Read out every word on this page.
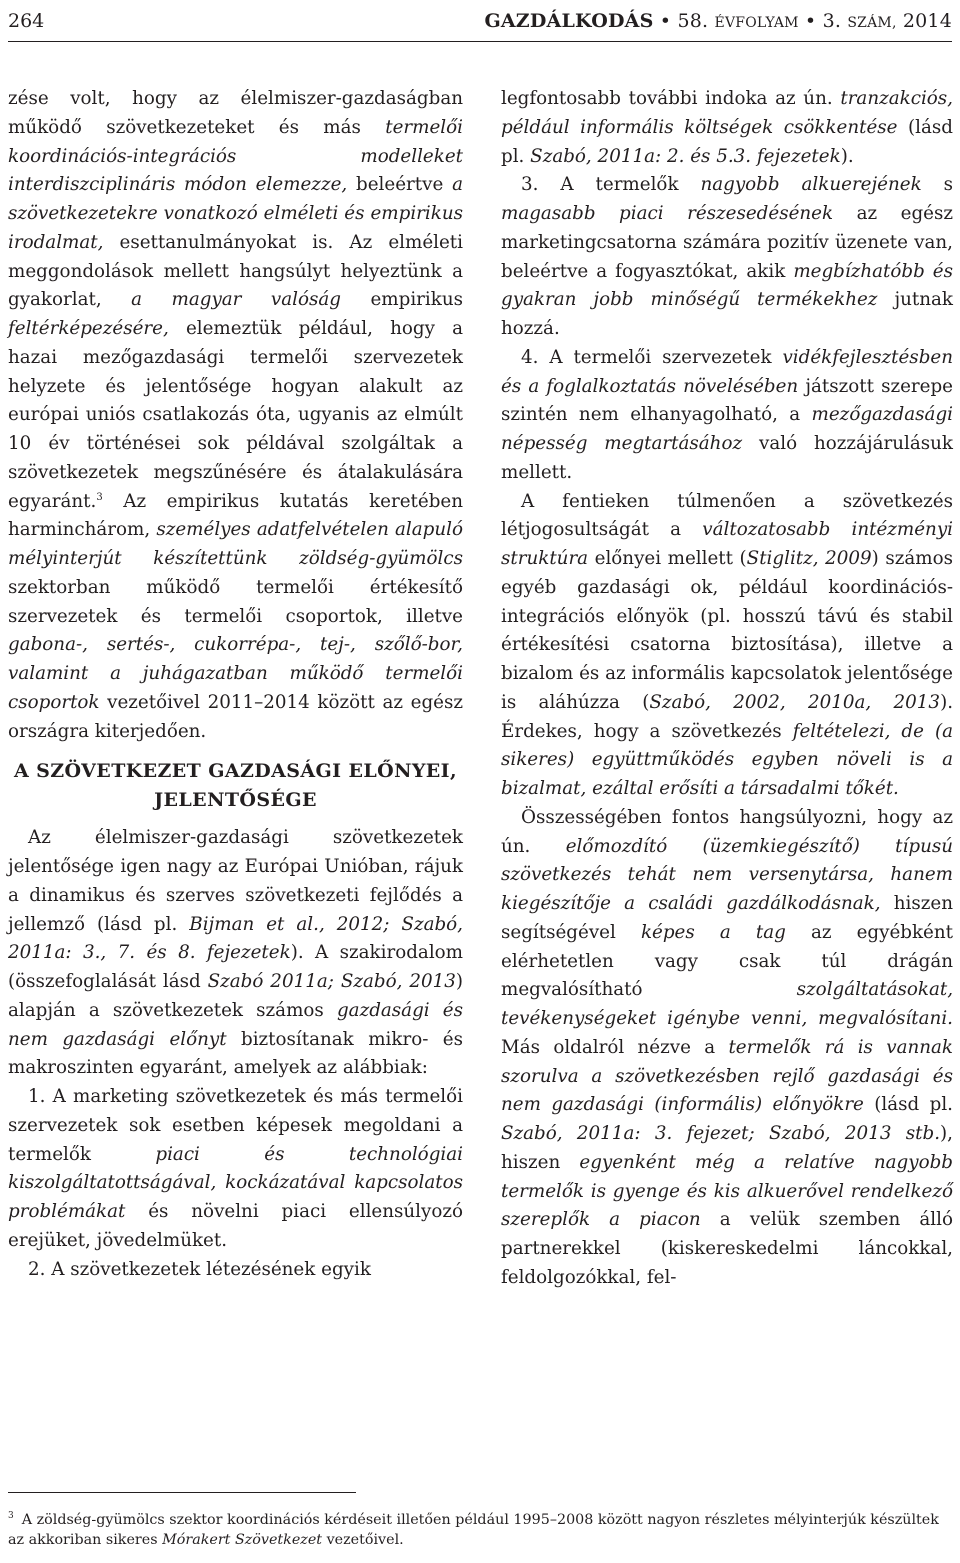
264	GAZDÁLKODÁS • 58. ÉVFOLYAM • 3. SZÁM, 2014

zése volt, hogy az élelmiszer-gazdaságban működő szövetkezeteket és más termelői koordinációs-integrációs modelleket interdiszciplináris módon elemezze, beleértve a szövetkezetekre vonatkozó elméleti és empirikus irodalmat, esettanulmányokat is. Az elméleti meggondolások mellett hangsúlyt helyeztünk a gyakorlat, a magyar valóság empirikus feltérképezésére, elemeztük például, hogy a hazai mezőgazdasági termelői szervezetek helyzete és jelentősége hogyan alakult az európai uniós csatlakozás óta, ugyanis az elmúlt 10 év történései sok példával szolgáltak a szövetkezetek megszűnésére és átalakulására egyaránt.$^3$ Az empirikus kutatás keretében harminchárom, személyes adatfelvételen alapuló mélyinterjút készítettünk zöldség-gyümölcs szektorban működő termelői értékesítő szervezetek és termelői csoportok, illetve gabona-, sertés-, cukorrépa-, tej-, szőlő-bor, valamint a juhágazatban működő termelői csoportok vezetőivel 2011–2014 között az egész országra kiterjedően.

A SZÖVETKEZET GAZDASÁGI ELŐNYEI, JELENTŐSÉGE

Az élelmiszer-gazdasági szövetkezetek jelentősége igen nagy az Európai Unióban, rájuk a dinamikus és szerves szövetkezeti fejlődés a jellemző (lásd pl. Bijman et al., 2012; Szabó, 2011a: 3., 7. és 8. fejezetek). A szakirodalom (összefoglalását lásd Szabó 2011a; Szabó, 2013) alapján a szövetkezetek számos gazdasági és nem gazdasági előnyt biztosítanak mikro- és makroszinten egyaránt, amelyek az alábbiak:

1. A marketing szövetkezetek és más termelői szervezetek sok esetben képesek megoldani a termelők piaci és technológiai kiszolgáltatottságával, kockázatával kapcsolatos problémákat és növelni piaci ellensúlyozó erejüket, jövedelmüket.

2. A szövetkezetek létezésének egyik

legfontosabb további indoka az ún. tranzakciós, például informális költségek csökkentése (lásd pl. Szabó, 2011a: 2. és 5.3. fejezetek).

3. A termelők nagyobb alkuerejének s magasabb piaci részesedésének az egész marketingcsatorna számára pozitív üzenete van, beleértve a fogyasztókat, akik megbízhatóbb és gyakran jobb minőségű termékekhez jutnak hozzá.

4. A termelői szervezetek vidékfejlesztésben és a foglalkoztatás növelésében játszott szerepe szintén nem elhanyagolható, a mezőgazdasági népesség megtartásához való hozzájárulásuk mellett.

A fentieken túlmenően a szövetkezés létjogosultságát a változatosabb intézményi struktúra előnyei mellett (Stiglitz, 2009) számos egyéb gazdasági ok, például koordinációs-integrációs előnyök (pl. hosszú távú és stabil értékesítési csatorna biztosítása), illetve a bizalom és az informális kapcsolatok jelentősége is aláhúzza (Szabó, 2002, 2010a, 2013). Érdekes, hogy a szövetkezés feltételezi, de (a sikeres) együttműködés egyben növeli is a bizalmat, ezáltal erősíti a társadalmi tőkét.

Összességében fontos hangsúlyozni, hogy az ún. előmozdító (üzemkiegészítő) típusú szövetkezés tehát nem versenytársa, hanem kiegészítője a családi gazdálkodásnak, hiszen segítségével képes a tag az egyébként elérhetetlen vagy csak túl drágán megvalósítható szolgáltatásokat, tevékenységeket igénybe venni, megvalósítani. Más oldalról nézve a termelők rá is vannak szorulva a szövetkezésben rejlő gazdasági és nem gazdasági (informális) előnyökre (lásd pl. Szabó, 2011a: 3. fejezet; Szabó, 2013 stb.), hiszen egyenként még a relatíve nagyobb termelők is gyenge és kis alkuerővel rendelkező szereplők a piacon a velük szemben álló partnerekkel (kiskereskedelmi láncokkal, feldolgozókkal, fel-

$^3$ A zöldség-gyümölcs szektor koordinációs kérdéseit illetően például 1995–2008 között nagyon részletes mélyinterjúk készültek az akkoriban sikeres Mórakert Szövetkezet vezetőivel.
